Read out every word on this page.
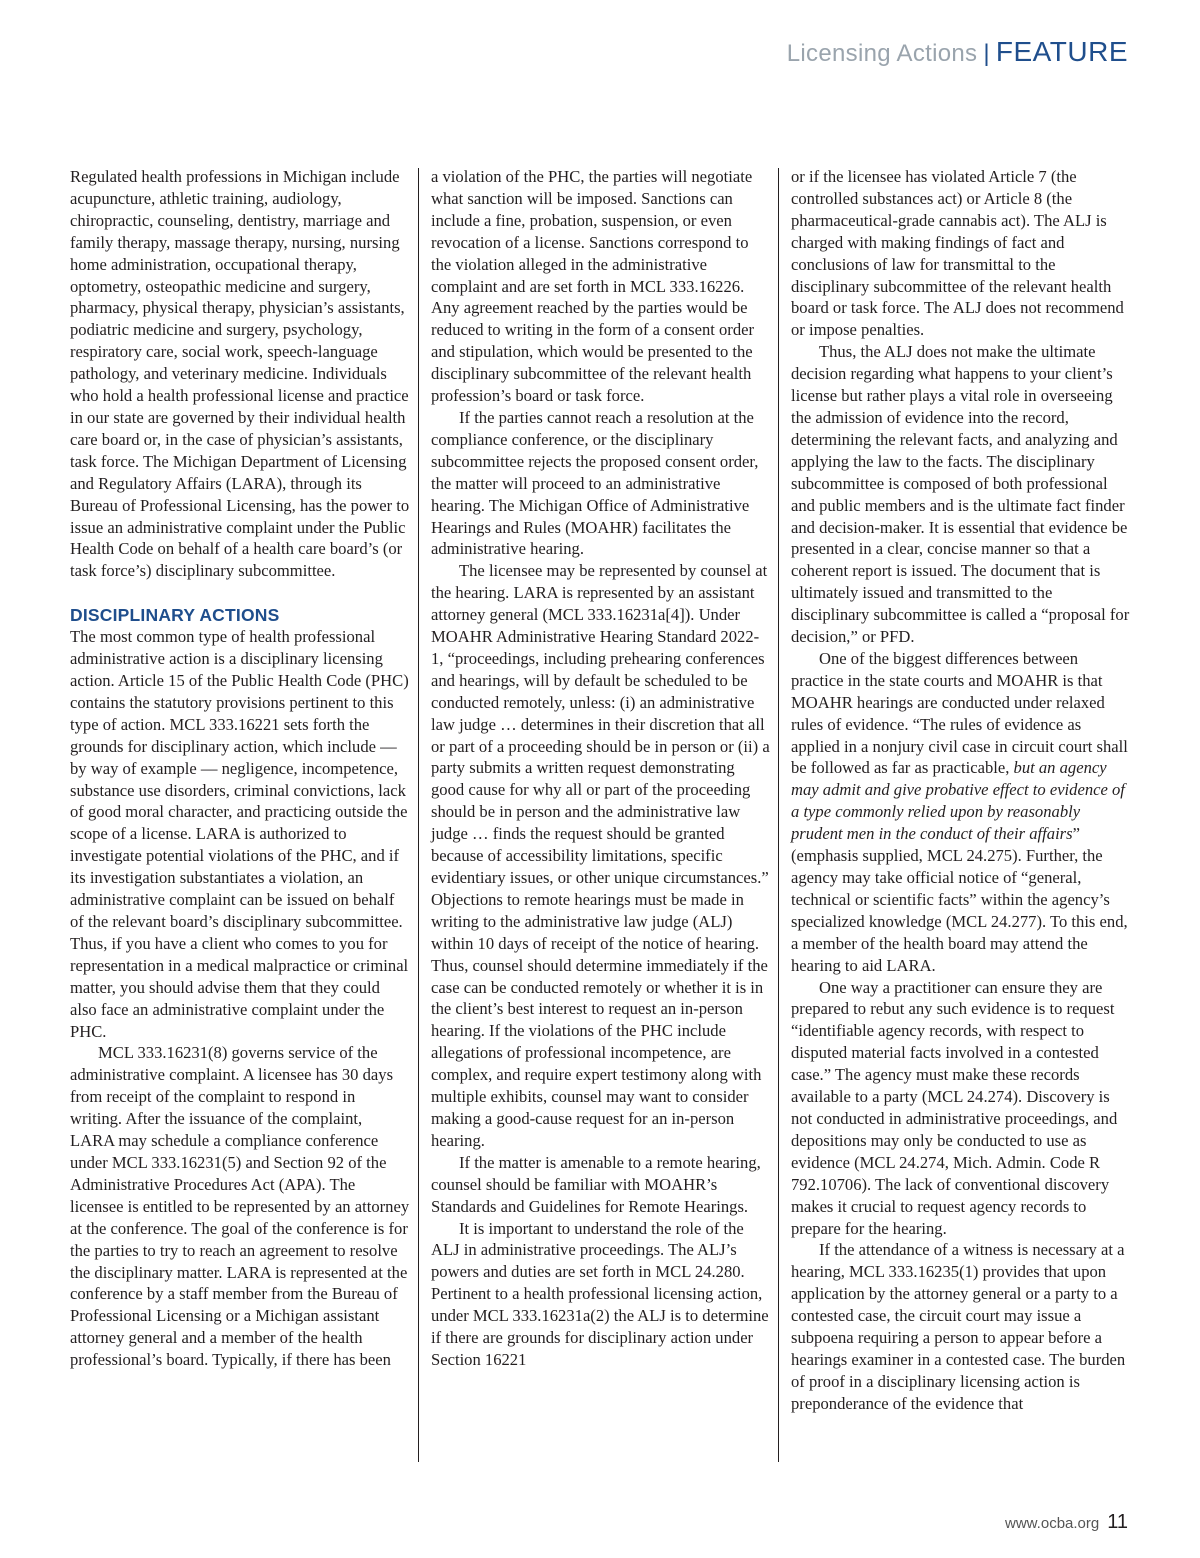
Licensing Actions | FEATURE

Regulated health professions in Michigan include acupuncture, athletic training, audiology, chiropractic, counseling, dentistry, marriage and family therapy, massage therapy, nursing, nursing home administration, occupational therapy, optometry, osteopathic medicine and surgery, pharmacy, physical therapy, physician’s assistants, podiatric medicine and surgery, psychology, respiratory care, social work, speech-language pathology, and veterinary medicine. Individuals who hold a health professional license and practice in our state are governed by their individual health care board or, in the case of physician’s assistants, task force. The Michigan Department of Licensing and Regulatory Affairs (LARA), through its Bureau of Professional Licensing, has the power to issue an administrative complaint under the Public Health Code on behalf of a health care board’s (or task force’s) disciplinary subcommittee.

DISCIPLINARY ACTIONS

The most common type of health professional administrative action is a disciplinary licensing action. Article 15 of the Public Health Code (PHC) contains the statutory provisions pertinent to this type of action. MCL 333.16221 sets forth the grounds for disciplinary action, which include — by way of example — negligence, incompetence, substance use disorders, criminal convictions, lack of good moral character, and practicing outside the scope of a license. LARA is authorized to investigate potential violations of the PHC, and if its investigation substantiates a violation, an administrative complaint can be issued on behalf of the relevant board’s disciplinary subcommittee. Thus, if you have a client who comes to you for representation in a medical malpractice or criminal matter, you should advise them that they could also face an administrative complaint under the PHC.

MCL 333.16231(8) governs service of the administrative complaint. A licensee has 30 days from receipt of the complaint to respond in writing. After the issuance of the complaint, LARA may schedule a compliance conference under MCL 333.16231(5) and Section 92 of the Administrative Procedures Act (APA). The licensee is entitled to be represented by an attorney at the conference. The goal of the conference is for the parties to try to reach an agreement to resolve the disciplinary matter. LARA is represented at the conference by a staff member from the Bureau of Professional Licensing or a Michigan assistant attorney general and a member of the health professional’s board. Typically, if there has been

a violation of the PHC, the parties will negotiate what sanction will be imposed. Sanctions can include a fine, probation, suspension, or even revocation of a license. Sanctions correspond to the violation alleged in the administrative complaint and are set forth in MCL 333.16226. Any agreement reached by the parties would be reduced to writing in the form of a consent order and stipulation, which would be presented to the disciplinary subcommittee of the relevant health profession’s board or task force.

If the parties cannot reach a resolution at the compliance conference, or the disciplinary subcommittee rejects the proposed consent order, the matter will proceed to an administrative hearing. The Michigan Office of Administrative Hearings and Rules (MOAHR) facilitates the administrative hearing.

The licensee may be represented by counsel at the hearing. LARA is represented by an assistant attorney general (MCL 333.16231a[4]). Under MOAHR Administrative Hearing Standard 2022-1, “proceedings, including prehearing conferences and hearings, will by default be scheduled to be conducted remotely, unless: (i) an administrative law judge … determines in their discretion that all or part of a proceeding should be in person or (ii) a party submits a written request demonstrating good cause for why all or part of the proceeding should be in person and the administrative law judge … finds the request should be granted because of accessibility limitations, specific evidentiary issues, or other unique circumstances.” Objections to remote hearings must be made in writing to the administrative law judge (ALJ) within 10 days of receipt of the notice of hearing. Thus, counsel should determine immediately if the case can be conducted remotely or whether it is in the client’s best interest to request an in-person hearing. If the violations of the PHC include allegations of professional incompetence, are complex, and require expert testimony along with multiple exhibits, counsel may want to consider making a good-cause request for an in-person hearing.

If the matter is amenable to a remote hearing, counsel should be familiar with MOAHR’s Standards and Guidelines for Remote Hearings.

It is important to understand the role of the ALJ in administrative proceedings. The ALJ’s powers and duties are set forth in MCL 24.280. Pertinent to a health professional licensing action, under MCL 333.16231a(2) the ALJ is to determine if there are grounds for disciplinary action under Section 16221

or if the licensee has violated Article 7 (the controlled substances act) or Article 8 (the pharmaceutical-grade cannabis act). The ALJ is charged with making findings of fact and conclusions of law for transmittal to the disciplinary subcommittee of the relevant health board or task force. The ALJ does not recommend or impose penalties.

Thus, the ALJ does not make the ultimate decision regarding what happens to your client’s license but rather plays a vital role in overseeing the admission of evidence into the record, determining the relevant facts, and analyzing and applying the law to the facts. The disciplinary subcommittee is composed of both professional and public members and is the ultimate fact finder and decision-maker. It is essential that evidence be presented in a clear, concise manner so that a coherent report is issued. The document that is ultimately issued and transmitted to the disciplinary subcommittee is called a “proposal for decision,” or PFD.

One of the biggest differences between practice in the state courts and MOAHR is that MOAHR hearings are conducted under relaxed rules of evidence. “The rules of evidence as applied in a nonjury civil case in circuit court shall be followed as far as practicable, but an agency may admit and give probative effect to evidence of a type commonly relied upon by reasonably prudent men in the conduct of their affairs” (emphasis supplied, MCL 24.275). Further, the agency may take official notice of “general, technical or scientific facts” within the agency’s specialized knowledge (MCL 24.277). To this end, a member of the health board may attend the hearing to aid LARA.

One way a practitioner can ensure they are prepared to rebut any such evidence is to request “identifiable agency records, with respect to disputed material facts involved in a contested case.” The agency must make these records available to a party (MCL 24.274). Discovery is not conducted in administrative proceedings, and depositions may only be conducted to use as evidence (MCL 24.274, Mich. Admin. Code R 792.10706). The lack of conventional discovery makes it crucial to request agency records to prepare for the hearing.

If the attendance of a witness is necessary at a hearing, MCL 333.16235(1) provides that upon application by the attorney general or a party to a contested case, the circuit court may issue a subpoena requiring a person to appear before a hearings examiner in a contested case. The burden of proof in a disciplinary licensing action is preponderance of the evidence that

www.ocba.org 11
